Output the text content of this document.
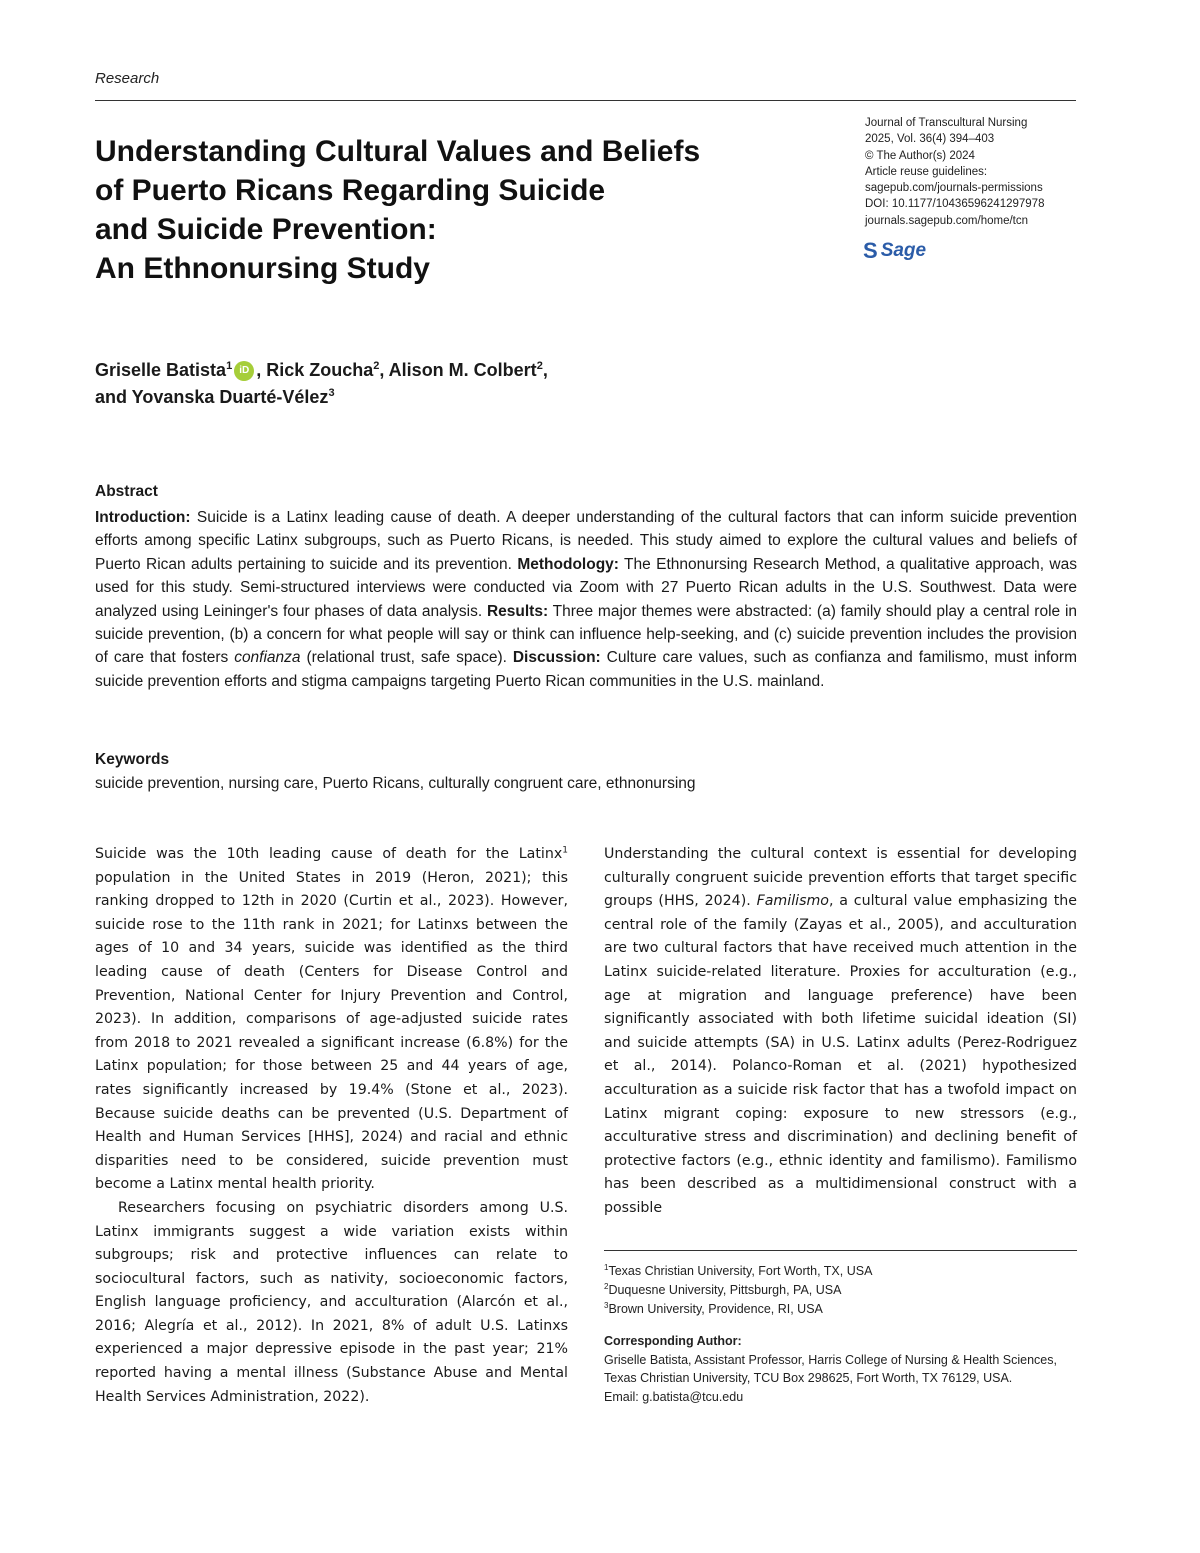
Research
Understanding Cultural Values and Beliefs
of Puerto Ricans Regarding Suicide
and Suicide Prevention:
An Ethnonursing Study
Journal of Transcultural Nursing
2025, Vol. 36(4) 394–403
© The Author(s) 2024
Article reuse guidelines:
sagepub.com/journals-permissions
DOI: 10.1177/10436596241297978
journals.sagepub.com/home/tcn
S Sage
Griselle Batista$^1$ iD , Rick Zoucha$^2$, Alison M. Colbert$^2$,
and Yovanska Duarté-Vélez$^3$
Abstract
Introduction: Suicide is a Latinx leading cause of death. A deeper understanding of the cultural factors that can inform suicide prevention efforts among specific Latinx subgroups, such as Puerto Ricans, is needed. This study aimed to explore the cultural values and beliefs of Puerto Rican adults pertaining to suicide and its prevention. Methodology: The Ethnonursing Research Method, a qualitative approach, was used for this study. Semi-structured interviews were conducted via Zoom with 27 Puerto Rican adults in the U.S. Southwest. Data were analyzed using Leininger's four phases of data analysis. Results: Three major themes were abstracted: (a) family should play a central role in suicide prevention, (b) a concern for what people will say or think can influence help-seeking, and (c) suicide prevention includes the provision of care that fosters confianza (relational trust, safe space). Discussion: Culture care values, such as confianza and familismo, must inform suicide prevention efforts and stigma campaigns targeting Puerto Rican communities in the U.S. mainland.
Keywords
suicide prevention, nursing care, Puerto Ricans, culturally congruent care, ethnonursing

Suicide was the 10th leading cause of death for the Latinx$^1$ population in the United States in 2019 (Heron, 2021); this ranking dropped to 12th in 2020 (Curtin et al., 2023). However, suicide rose to the 11th rank in 2021; for Latinxs between the ages of 10 and 34 years, suicide was identified as the third leading cause of death (Centers for Disease Control and Prevention, National Center for Injury Prevention and Control, 2023). In addition, comparisons of age-adjusted suicide rates from 2018 to 2021 revealed a significant increase (6.8%) for the Latinx population; for those between 25 and 44 years of age, rates significantly increased by 19.4% (Stone et al., 2023). Because suicide deaths can be prevented (U.S. Department of Health and Human Services [HHS], 2024) and racial and ethnic disparities need to be considered, suicide prevention must become a Latinx mental health priority.

Researchers focusing on psychiatric disorders among U.S. Latinx immigrants suggest a wide variation exists within subgroups; risk and protective influences can relate to sociocultural factors, such as nativity, socioeconomic factors, English language proficiency, and acculturation (Alarcón et al., 2016; Alegría et al., 2012). In 2021, 8% of adult U.S. Latinxs experienced a major depressive episode in the past year; 21% reported having a mental illness (Substance Abuse and Mental Health Services Administration, 2022).

Understanding the cultural context is essential for developing culturally congruent suicide prevention efforts that target specific groups (HHS, 2024). Familismo, a cultural value emphasizing the central role of the family (Zayas et al., 2005), and acculturation are two cultural factors that have received much attention in the Latinx suicide-related literature. Proxies for acculturation (e.g., age at migration and language preference) have been significantly associated with both lifetime suicidal ideation (SI) and suicide attempts (SA) in U.S. Latinx adults (Perez-Rodriguez et al., 2014). Polanco-Roman et al. (2021) hypothesized acculturation as a suicide risk factor that has a twofold impact on Latinx migrant coping: exposure to new stressors (e.g., acculturative stress and discrimination) and declining benefit of protective factors (e.g., ethnic identity and familismo). Familismo has been described as a multidimensional construct with a possible

$^1$Texas Christian University, Fort Worth, TX, USA
$^2$Duquesne University, Pittsburgh, PA, USA
$^3$Brown University, Providence, RI, USA
Corresponding Author:
Griselle Batista, Assistant Professor, Harris College of Nursing & Health Sciences, Texas Christian University, TCU Box 298625, Fort Worth, TX 76129, USA.
Email: g.batista@tcu.edu
